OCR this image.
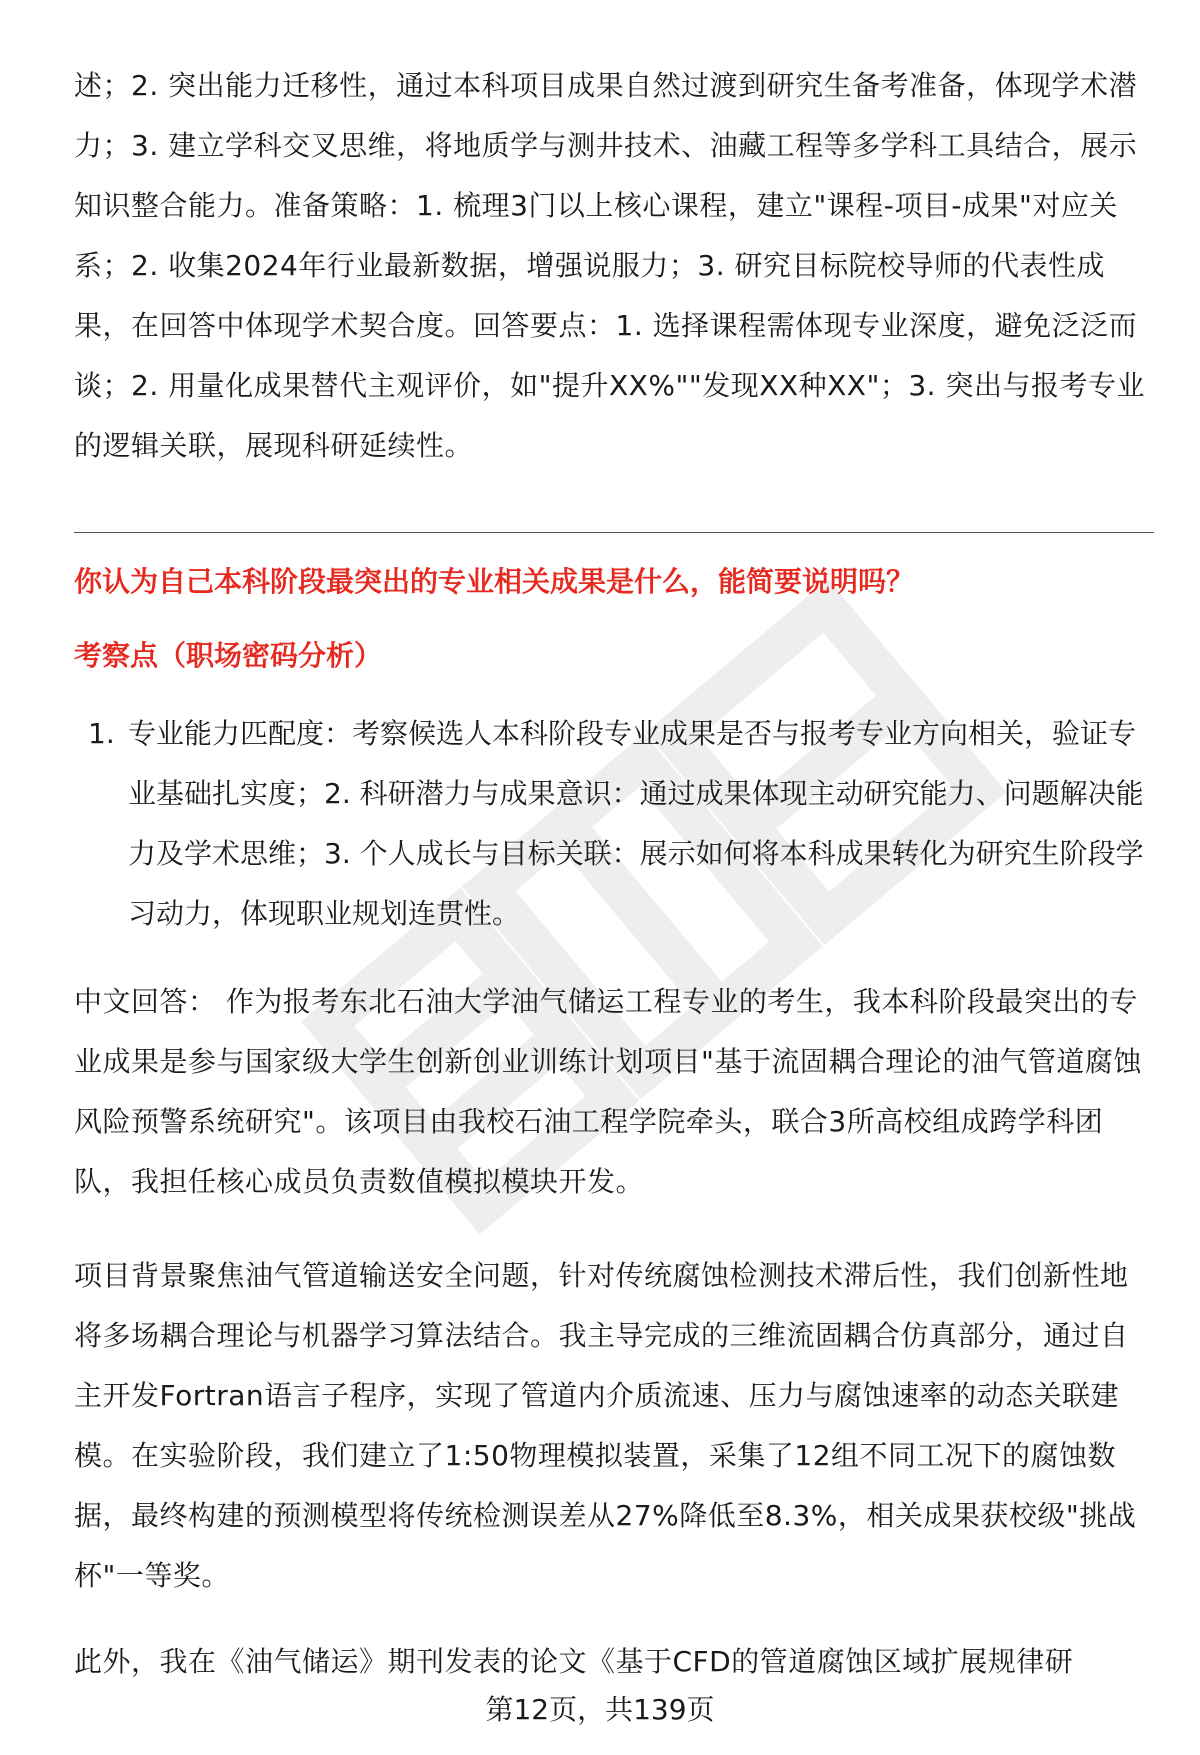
述；2. 突出能力迁移性，通过本科项目成果自然过渡到研究生备考准备，体现学术潜力；3. 建立学科交叉思维，将地质学与测井技术、油藏工程等多学科工具结合，展示知识整合能力。准备策略：1. 梳理3门以上核心课程，建立"课程-项目-成果"对应关系；2. 收集2024年行业最新数据，增强说服力；3. 研究目标院校导师的代表性成果，在回答中体现学术契合度。回答要点：1. 选择课程需体现专业深度，避免泛泛而谈；2. 用量化成果替代主观评价，如"提升XX%""发现XX种XX"；3. 突出与报考专业的逻辑关联，展现科研延续性。

你认为自己本科阶段最突出的专业相关成果是什么，能简要说明吗？
考察点（职场密码分析）
1. 专业能力匹配度：考察候选人本科阶段专业成果是否与报考专业方向相关，验证专业基础扎实度；2. 科研潜力与成果意识：通过成果体现主动研究能力、问题解决能力及学术思维；3. 个人成长与目标关联：展示如何将本科成果转化为研究生阶段学习动力，体现职业规划连贯性。

中文回答： 作为报考东北石油大学油气储运工程专业的考生，我本科阶段最突出的专业成果是参与国家级大学生创新创业训练计划项目"基于流固耦合理论的油气管道腐蚀风险预警系统研究"。该项目由我校石油工程学院牵头，联合3所高校组成跨学科团队，我担任核心成员负责数值模拟模块开发。

项目背景聚焦油气管道输送安全问题，针对传统腐蚀检测技术滞后性，我们创新性地将多场耦合理论与机器学习算法结合。我主导完成的三维流固耦合仿真部分，通过自主开发Fortran语言子程序，实现了管道内介质流速、压力与腐蚀速率的动态关联建模。在实验阶段，我们建立了1:50物理模拟装置，采集了12组不同工况下的腐蚀数据，最终构建的预测模型将传统检测误差从27%降低至8.3%，相关成果获校级"挑战杯"一等奖。

此外，我在《油气储运》期刊发表的论文《基于CFD的管道腐蚀区域扩展规律研

第12页，共139页
